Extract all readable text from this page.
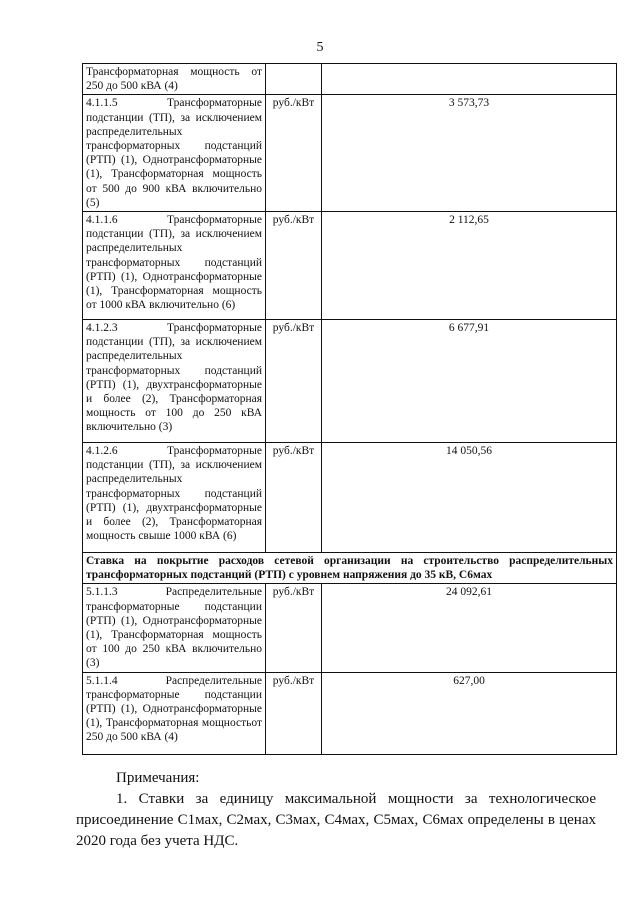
5
Трансформаторная мощность от 250 до 500 кВА (4)		
4.1.1.5 Трансформаторные подстанции (ТП), за исключением распределительных трансформаторных подстанций (РТП) (1), Однотрансформаторные (1), Трансформаторная мощность от 500 до 900 кВА включительно (5)	руб./кВт	3 573,73
4.1.1.6 Трансформаторные подстанции (ТП), за исключением распределительных трансформаторных подстанций (РТП) (1), Однотрансформаторные (1), Трансформаторная мощность от 1000 кВА включительно (6)	руб./кВт	2 112,65
4.1.2.3 Трансформаторные подстанции (ТП), за исключением распределительных трансформаторных подстанций (РТП) (1), двухтрансформаторные и более (2), Трансформаторная мощность от 100 до 250 кВА включительно (3)	руб./кВт	6 677,91
4.1.2.6 Трансформаторные подстанции (ТП), за исключением распределительных трансформаторных подстанций (РТП) (1), двухтрансформаторные и более (2), Трансформаторная мощность свыше 1000 кВА (6)	руб./кВт	14 050,56
Ставка на покрытие расходов сетевой организации на строительство распределительных трансформаторных подстанций (РТП) с уровнем напряжения до 35 кВ, C6мах		
5.1.1.3 Распределительные трансформаторные подстанции (РТП) (1), Однотрансформаторные (1), Трансформаторная мощность от 100 до 250 кВА включительно (3)	руб./кВт	24 092,61
5.1.1.4 Распределительные трансформаторные подстанции (РТП) (1), Однотрансформаторные (1), Трансформаторная мощностьот 250 до 500 кВА (4)	руб./кВт	627,00
Примечания:

1. Ставки за единицу максимальной мощности за технологическое присоединение С1мах, С2мах, С3мах, С4мах, С5мах, С6мах определены в ценах 2020 года без учета НДС.
